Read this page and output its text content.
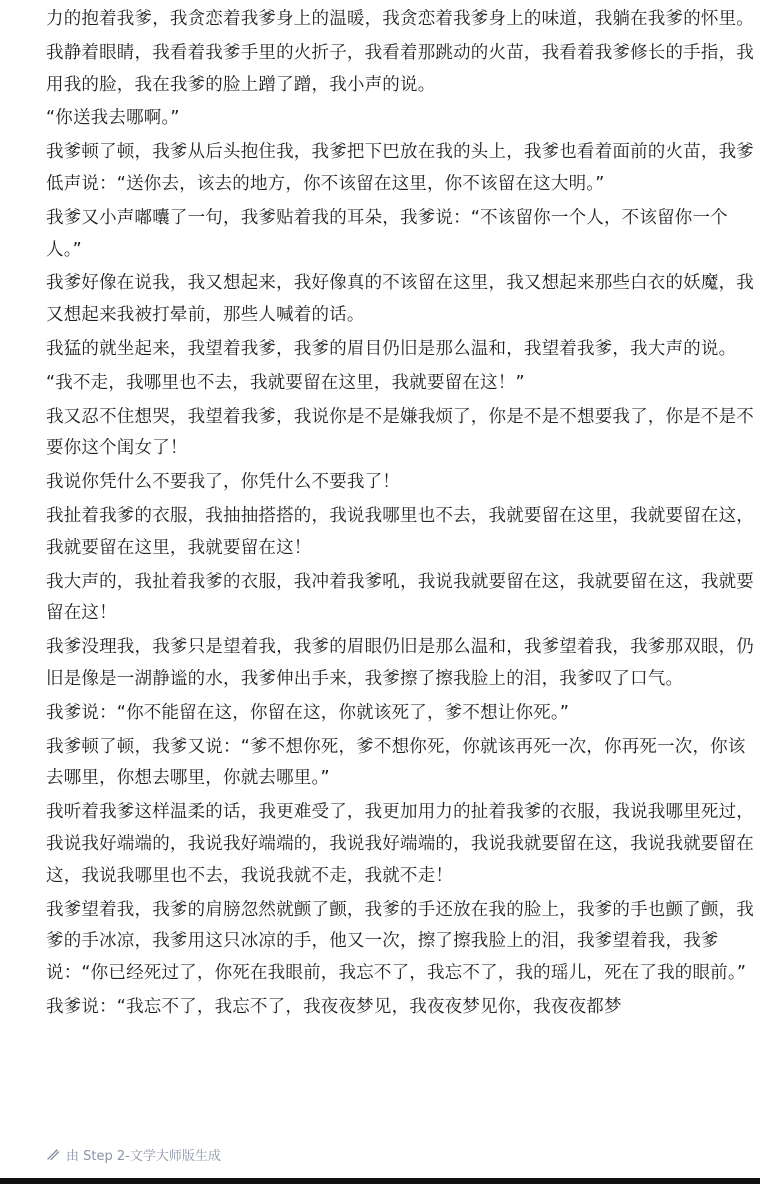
力的抱着我爹，我贪恋着我爹身上的温暖，我贪恋着我爹身上的味道，我躺在我爹的怀里。

我静着眼睛，我看着我爹手里的火折子，我看着那跳动的火苗，我看着我爹修长的手指，我用我的脸，我在我爹的脸上蹭了蹭，我小声的说。

“你送我去哪啊。”

我爹顿了顿，我爹从后头抱住我，我爹把下巴放在我的头上，我爹也看着面前的火苗，我爹低声说：“送你去，该去的地方，你不该留在这里，你不该留在这大明。”

我爹又小声嘟囔了一句，我爹贴着我的耳朵，我爹说：“不该留你一个人，不该留你一个人。”

我爹好像在说我，我又想起来，我好像真的不该留在这里，我又想起来那些白衣的妖魔，我又想起来我被打晕前，那些人喊着的话。

我猛的就坐起来，我望着我爹，我爹的眉目仍旧是那么温和，我望着我爹，我大声的说。

“我不走，我哪里也不去，我就要留在这里，我就要留在这！”

我又忍不住想哭，我望着我爹，我说你是不是嫌我烦了，你是不是不想要我了，你是不是不要你这个闺女了！

我说你凭什么不要我了，你凭什么不要我了！

我扯着我爹的衣服，我抽抽搭搭的，我说我哪里也不去，我就要留在这里，我就要留在这，我就要留在这里，我就要留在这！

我大声的，我扯着我爹的衣服，我冲着我爹吼，我说我就要留在这，我就要留在这，我就要留在这！

我爹没理我，我爹只是望着我，我爹的眉眼仍旧是那么温和，我爹望着我，我爹那双眼，仍旧是像是一湖静谧的水，我爹伸出手来，我爹擦了擦我脸上的泪，我爹叹了口气。

我爹说：“你不能留在这，你留在这，你就该死了，爹不想让你死。”

我爹顿了顿，我爹又说：“爹不想你死，爹不想你死，你就该再死一次，你再死一次，你该去哪里，你想去哪里，你就去哪里。”

我听着我爹这样温柔的话，我更难受了，我更加用力的扯着我爹的衣服，我说我哪里死过，我说我好端端的，我说我好端端的，我说我好端端的，我说我就要留在这，我说我就要留在这，我说我哪里也不去，我说我就不走，我就不走！

我爹望着我，我爹的肩膀忽然就颤了颤，我爹的手还放在我的脸上，我爹的手也颤了颤，我爹的手冰凉，我爹用这只冰凉的手，他又一次，擦了擦我脸上的泪，我爹望着我，我爹说：“你已经死过了，你死在我眼前，我忘不了，我忘不了，我的瑶儿，死在了我的眼前。”

我爹说：“我忘不了，我忘不了，我夜夜梦见，我夜夜梦见你，我夜夜都梦

由 Step 2-文学大师版生成
